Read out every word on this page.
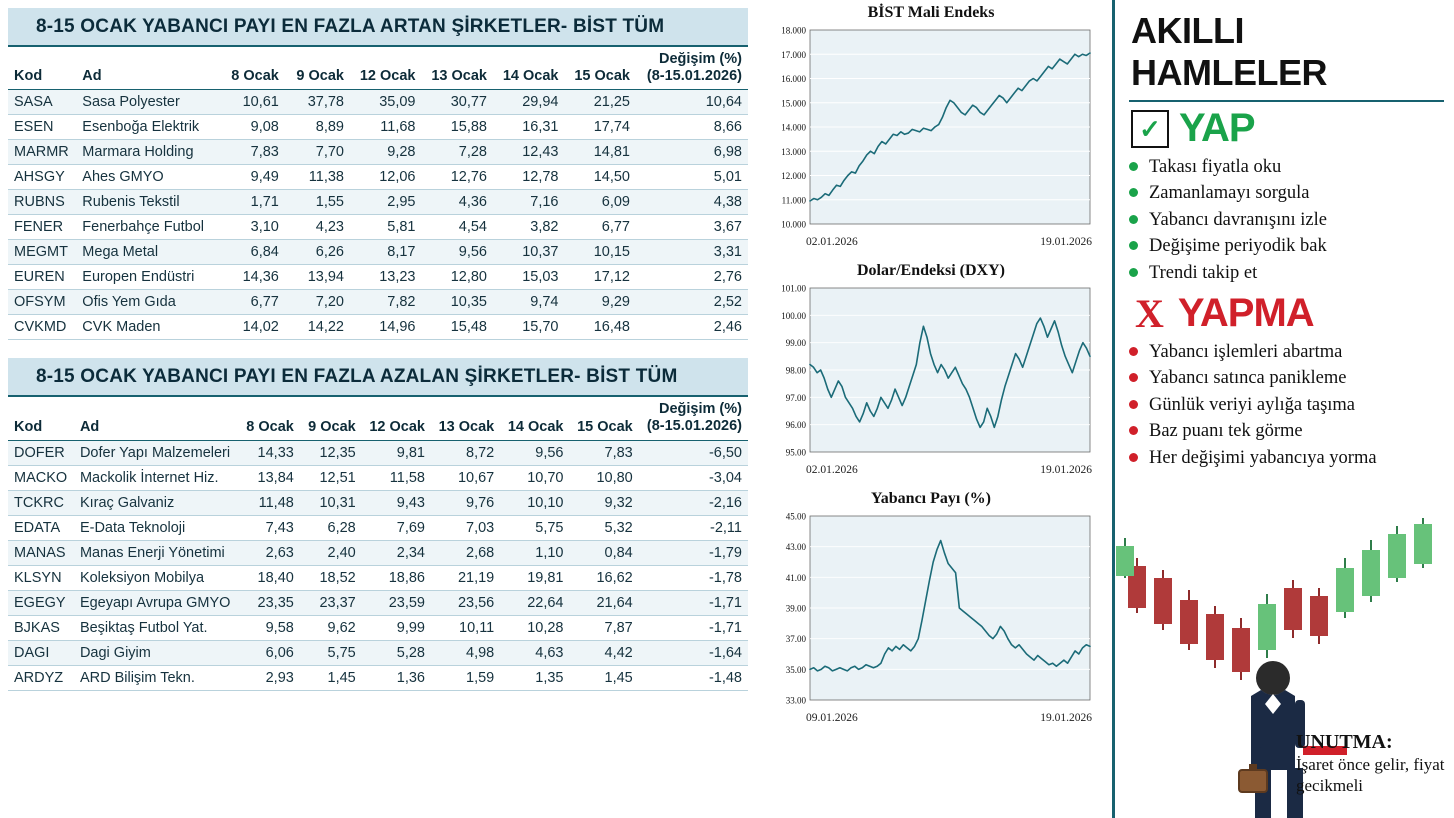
8-15 OCAK YABANCI PAYI EN FAZLA ARTAN ŞİRKETLER- BİST TÜM
Kod	Ad	8 Ocak	9 Ocak	12 Ocak	13 Ocak	14 Ocak	15 Ocak	Değişim (%)
(8-15.01.2026)
SASA	Sasa Polyester	10,61	37,78	35,09	30,77	29,94	21,25	10,64
ESEN	Esenboğa Elektrik	9,08	8,89	11,68	15,88	16,31	17,74	8,66
MARMR	Marmara Holding	7,83	7,70	9,28	7,28	12,43	14,81	6,98
AHSGY	Ahes GMYO	9,49	11,38	12,06	12,76	12,78	14,50	5,01
RUBNS	Rubenis Tekstil	1,71	1,55	2,95	4,36	7,16	6,09	4,38
FENER	Fenerbahçe Futbol	3,10	4,23	5,81	4,54	3,82	6,77	3,67
MEGMT	Mega Metal	6,84	6,26	8,17	9,56	10,37	10,15	3,31
EUREN	Europen Endüstri	14,36	13,94	13,23	12,80	15,03	17,12	2,76
OFSYM	Ofis Yem Gıda	6,77	7,20	7,82	10,35	9,74	9,29	2,52
CVKMD	CVK Maden	14,02	14,22	14,96	15,48	15,70	16,48	2,46
8-15 OCAK YABANCI PAYI EN FAZLA AZALAN ŞİRKETLER- BİST TÜM
Kod	Ad	8 Ocak	9 Ocak	12 Ocak	13 Ocak	14 Ocak	15 Ocak	Değişim (%)
(8-15.01.2026)
DOFER	Dofer Yapı Malzemeleri	14,33	12,35	9,81	8,72	9,56	7,83	-6,50
MACKO	Mackolik İnternet Hiz.	13,84	12,51	11,58	10,67	10,70	10,80	-3,04
TCKRC	Kıraç Galvaniz	11,48	10,31	9,43	9,76	10,10	9,32	-2,16
EDATA	E-Data Teknoloji	7,43	6,28	7,69	7,03	5,75	5,32	-2,11
MANAS	Manas Enerji Yönetimi	2,63	2,40	2,34	2,68	1,10	0,84	-1,79
KLSYN	Koleksiyon Mobilya	18,40	18,52	18,86	21,19	19,81	16,62	-1,78
EGEGY	Egeyapı Avrupa GMYO	23,35	23,37	23,59	23,56	22,64	21,64	-1,71
BJKAS	Beşiktaş Futbol Yat.	9,58	9,62	9,99	10,11	10,28	7,87	-1,71
DAGI	Dagi Giyim	6,06	5,75	5,28	4,98	4,63	4,42	-1,64
ARDYZ	ARD Bilişim Tekn.	2,93	1,45	1,36	1,59	1,35	1,45	-1,48
BİST Mali Endeks
10.000
11.000
12.000
13.000
14.000
15.000
16.000
17.000
18.000
02.01.2026	19.01.2026
Dolar/Endeksi (DXY)
95.00
96.00
97.00
98.00
99.00
100.00
101.00
02.01.2026	19.01.2026
Yabancı Payı (%)
33.00
35.00
37.00
39.00
41.00
43.00
45.00
09.01.2026	19.01.2026
AKILLI HAMLELER
✓ YAP
Takası fiyatla oku
Zamanlamayı sorgula
Yabancı davranışını izle
Değişime periyodik bak
Trendi takip et
X YAPMA
Yabancı işlemleri abartma
Yabancı satınca panikleme
Günlük veriyi aylığa taşıma
Baz puanı tek görme
Her değişimi yabancıya yorma
UNUTMA:
İşaret önce gelir, fiyat gecikmeli
